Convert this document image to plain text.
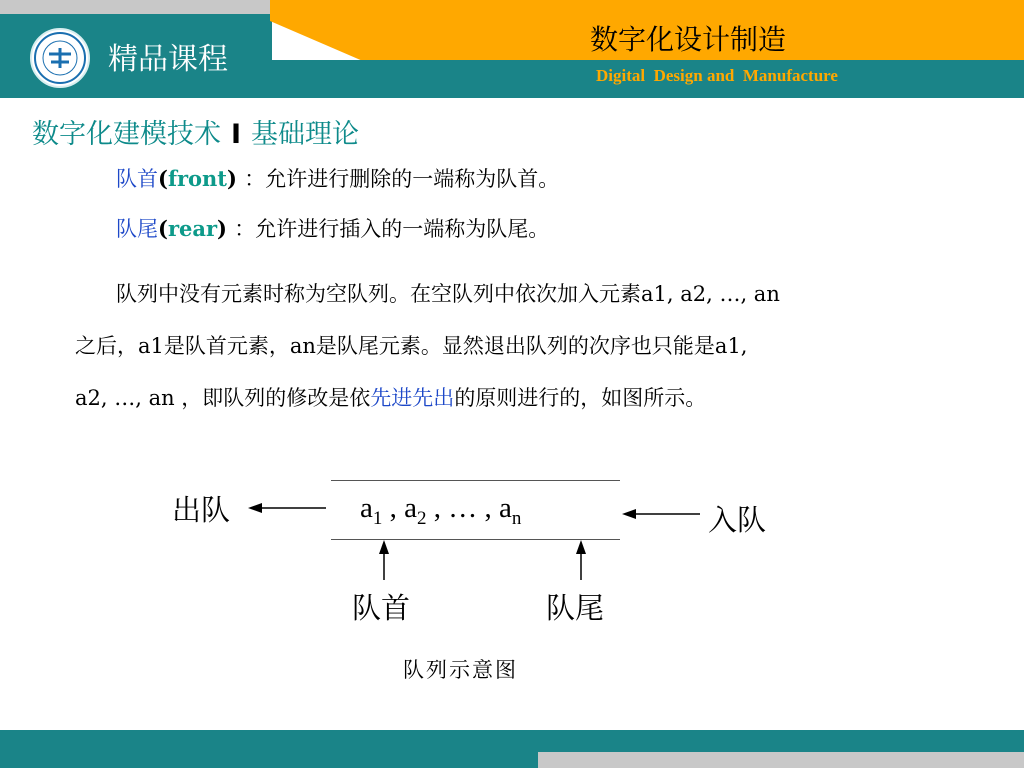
精品课程
数字化设计制造
Digital  Design and  Manufacture
数字化建模技术 I 基础理论
队首(front) ：允许进行删除的一端称为队首。
队尾(rear) ：允许进行插入的一端称为队尾。
队列中没有元素时称为空队列。在空队列中依次加入元素a1, a2, …, an
之后，a1是队首元素，an是队尾元素。显然退出队列的次序也只能是a1,
a2, …, an ，即队列的修改是依先进先出的原则进行的，如图所示。
$a_1$ , $a_2$ , … , $a_n$
出队	入队
队首	队尾
队列示意图
